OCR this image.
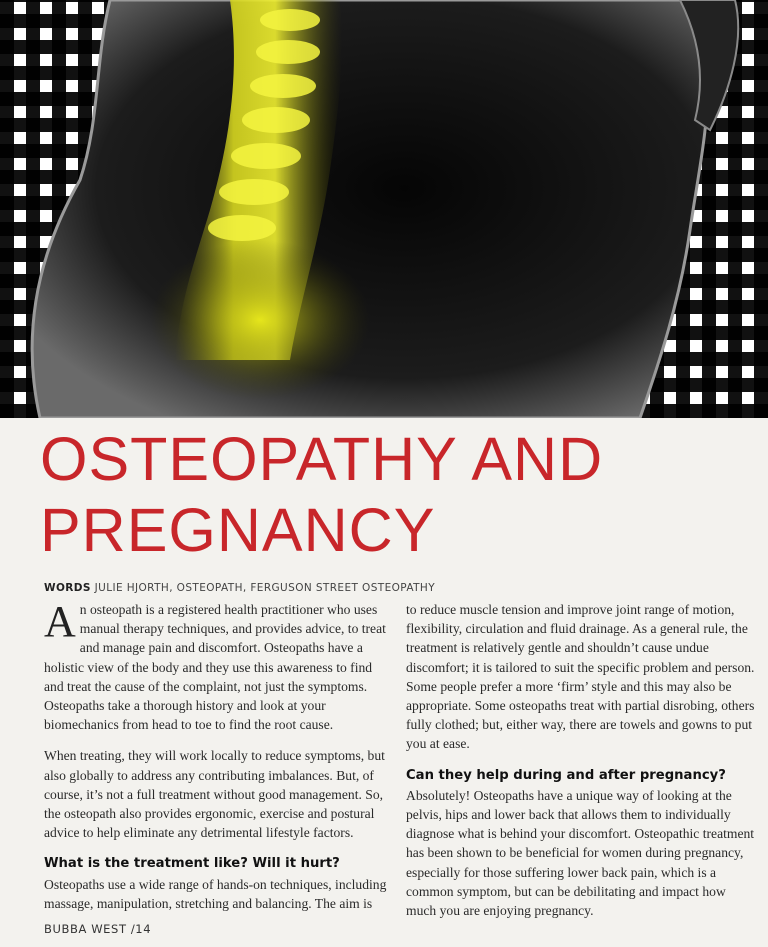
OSTEOPATHY AND
PREGNANCY
WORDS JULIE HJORTH, OSTEOPATH, FERGUSON STREET OSTEOPATHY

An osteopath is a registered health practitioner who uses manual therapy techniques, and provides advice, to treat and manage pain and discomfort. Osteopaths have a holistic view of the body and they use this awareness to find and treat the cause of the complaint, not just the symptoms. Osteopaths take a thorough history and look at your biomechanics from head to toe to find the root cause.

When treating, they will work locally to reduce symptoms, but also globally to address any contributing imbalances. But, of course, it’s not a full treatment without good management. So, the osteopath also provides ergonomic, exercise and postural advice to help eliminate any detrimental lifestyle factors.

What is the treatment like? Will it hurt?

Osteopaths use a wide range of hands-on techniques, including massage, manipulation, stretching and balancing. The aim is

to reduce muscle tension and improve joint range of motion, flexibility, circulation and fluid drainage. As a general rule, the treatment is relatively gentle and shouldn’t cause undue discomfort; it is tailored to suit the specific problem and person. Some people prefer a more ‘firm’ style and this may also be appropriate. Some osteopaths treat with partial disrobing, others fully clothed; but, either way, there are towels and gowns to put you at ease.

Can they help during and after pregnancy?

Absolutely! Osteopaths have a unique way of looking at the pelvis, hips and lower back that allows them to individually diagnose what is behind your discomfort. Osteopathic treatment has been shown to be beneficial for women during pregnancy, especially for those suffering lower back pain, which is a common symptom, but can be debilitating and impact how much you are enjoying pregnancy.

BUBBA WEST /14
